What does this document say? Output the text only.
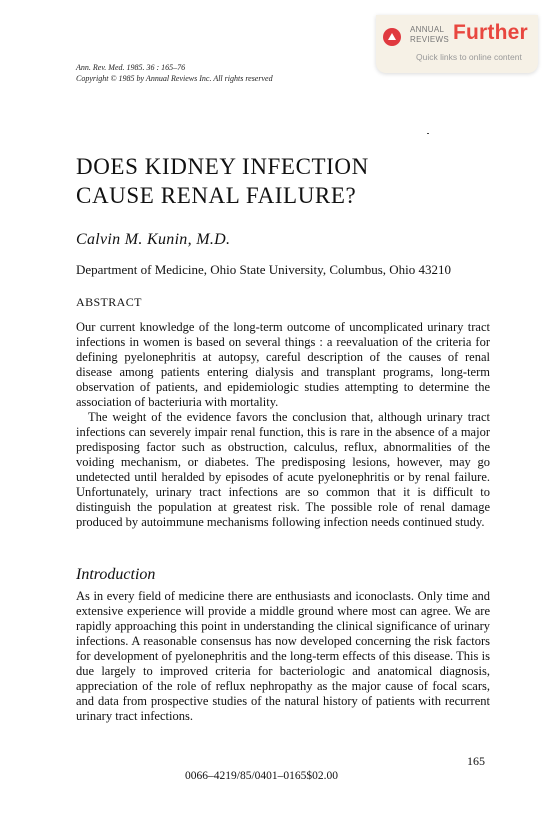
ANNUAL
REVIEWS Further
Quick links to online content
Ann. Rev. Med. 1985. 36 : 165–76
Copyright © 1985 by Annual Reviews Inc. All rights reserved
DOES KIDNEY INFECTION
CAUSE RENAL FAILURE?
Calvin M. Kunin, M.D.
Department of Medicine, Ohio State University, Columbus, Ohio 43210
ABSTRACT

Our current knowledge of the long-term outcome of uncomplicated urinary tract infections in women is based on several things : a reevaluation of the criteria for defining pyelonephritis at autopsy, careful description of the causes of renal disease among patients entering dialysis and transplant programs, long-term observation of patients, and epidemiologic studies attempting to determine the association of bacteriuria with mortality.

The weight of the evidence favors the conclusion that, although urinary tract infections can severely impair renal function, this is rare in the absence of a major predisposing factor such as obstruction, calculus, reflux, abnormalities of the voiding mechanism, or diabetes. The predisposing lesions, however, may go undetected until heralded by episodes of acute pyelonephritis or by renal failure. Unfortunately, urinary tract infections are so common that it is difficult to distinguish the population at greatest risk. The possible role of renal damage produced by autoimmune mechanisms following infection needs continued study.

Introduction

As in every field of medicine there are enthusiasts and iconoclasts. Only time and extensive experience will provide a middle ground where most can agree. We are rapidly approaching this point in understanding the clinical significance of urinary infections. A reasonable consensus has now developed concerning the risk factors for development of pyelonephritis and the long-term effects of this disease. This is due largely to improved criteria for bacteriologic and anatomical diagnosis, appreciation of the role of reflux nephropathy as the major cause of focal scars, and data from prospective studies of the natural history of patients with recurrent urinary tract infections.

165
0066–4219/85/0401–0165$02.00
